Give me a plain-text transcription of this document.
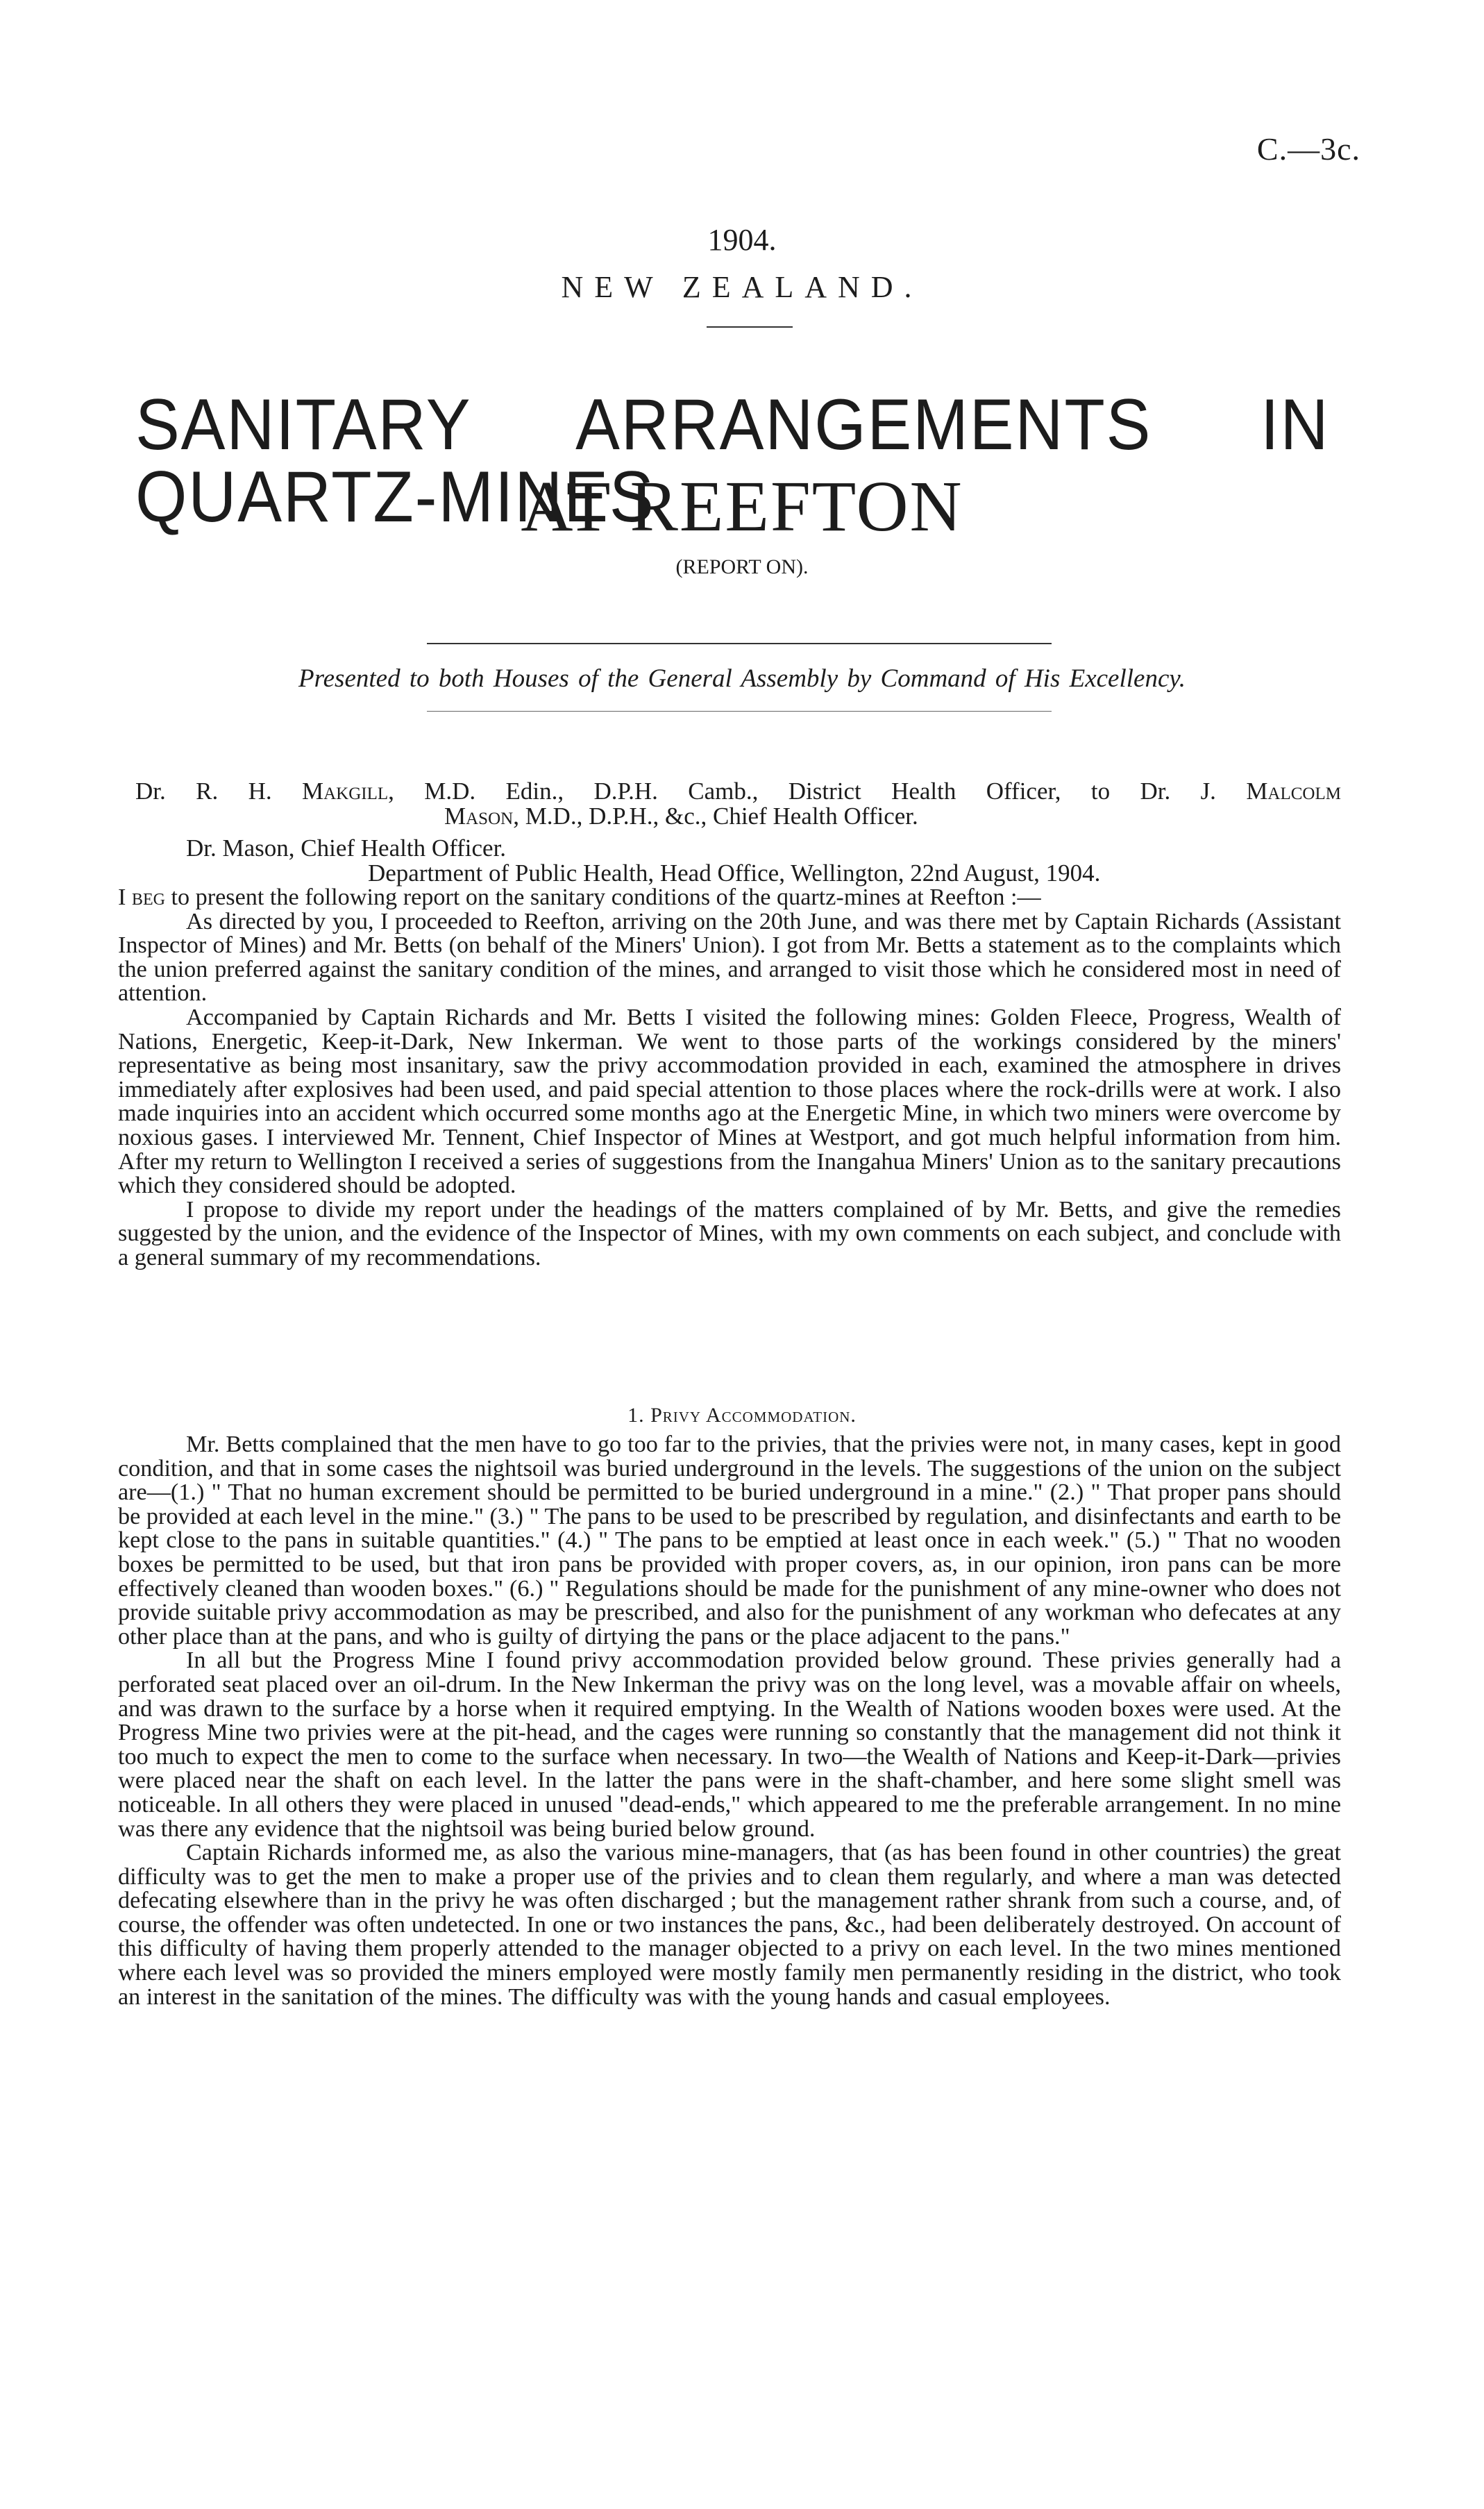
C.—3c.
1904.
NEW ZEALAND.
SANITARY ARRANGEMENTS IN QUARTZ-MINES
AT REEFTON
(REPORT ON).
Presented to both Houses of the General Assembly by Command of His Excellency.
Dr. R. H. Makgill, M.D. Edin., D.P.H. Camb., District Health Officer, to Dr. J. Malcolm
Mason, M.D., D.P.H., &c., Chief Health Officer.
Dr. Mason, Chief Health Officer.
Department of Public Health, Head Office, Wellington, 22nd August, 1904.

I beg to present the following report on the sanitary conditions of the quartz-mines at Reefton :—

As directed by you, I proceeded to Reefton, arriving on the 20th June, and was there met by Captain Richards (Assistant Inspector of Mines) and Mr. Betts (on behalf of the Miners' Union). I got from Mr. Betts a statement as to the complaints which the union preferred against the sanitary condition of the mines, and arranged to visit those which he considered most in need of attention.

Accompanied by Captain Richards and Mr. Betts I visited the following mines: Golden Fleece, Progress, Wealth of Nations, Energetic, Keep-it-Dark, New Inkerman. We went to those parts of the workings considered by the miners' representative as being most insanitary, saw the privy accommodation provided in each, examined the atmosphere in drives immediately after explosives had been used, and paid special attention to those places where the rock-drills were at work. I also made inquiries into an accident which occurred some months ago at the Energetic Mine, in which two miners were overcome by noxious gases. I interviewed Mr. Tennent, Chief Inspector of Mines at Westport, and got much helpful information from him. After my return to Wellington I received a series of suggestions from the Inangahua Miners' Union as to the sanitary precautions which they considered should be adopted.

I propose to divide my report under the headings of the matters complained of by Mr. Betts, and give the remedies suggested by the union, and the evidence of the Inspector of Mines, with my own comments on each subject, and conclude with a general summary of my recommendations.

1. Privy Accommodation.

Mr. Betts complained that the men have to go too far to the privies, that the privies were not, in many cases, kept in good condition, and that in some cases the nightsoil was buried underground in the levels. The suggestions of the union on the subject are—(1.) " That no human excrement should be permitted to be buried underground in a mine." (2.) " That proper pans should be provided at each level in the mine." (3.) " The pans to be used to be prescribed by regulation, and disinfectants and earth to be kept close to the pans in suitable quantities." (4.) " The pans to be emptied at least once in each week." (5.) " That no wooden boxes be permitted to be used, but that iron pans be provided with proper covers, as, in our opinion, iron pans can be more effectively cleaned than wooden boxes." (6.) " Regulations should be made for the punishment of any mine-owner who does not provide suitable privy accommodation as may be prescribed, and also for the punishment of any workman who defecates at any other place than at the pans, and who is guilty of dirtying the pans or the place adjacent to the pans."

In all but the Progress Mine I found privy accommodation provided below ground. These privies generally had a perforated seat placed over an oil-drum. In the New Inkerman the privy was on the long level, was a movable affair on wheels, and was drawn to the surface by a horse when it required emptying. In the Wealth of Nations wooden boxes were used. At the Progress Mine two privies were at the pit-head, and the cages were running so constantly that the management did not think it too much to expect the men to come to the surface when necessary. In two—the Wealth of Nations and Keep-it-Dark—privies were placed near the shaft on each level. In the latter the pans were in the shaft-chamber, and here some slight smell was noticeable. In all others they were placed in unused "dead-ends," which appeared to me the preferable arrangement. In no mine was there any evidence that the nightsoil was being buried below ground.

Captain Richards informed me, as also the various mine-managers, that (as has been found in other countries) the great difficulty was to get the men to make a proper use of the privies and to clean them regularly, and where a man was detected defecating elsewhere than in the privy he was often discharged ; but the management rather shrank from such a course, and, of course, the offender was often undetected. In one or two instances the pans, &c., had been deliberately destroyed. On account of this difficulty of having them properly attended to the manager objected to a privy on each level. In the two mines mentioned where each level was so provided the miners employed were mostly family men permanently residing in the district, who took an interest in the sanitation of the mines. The difficulty was with the young hands and casual employees.
